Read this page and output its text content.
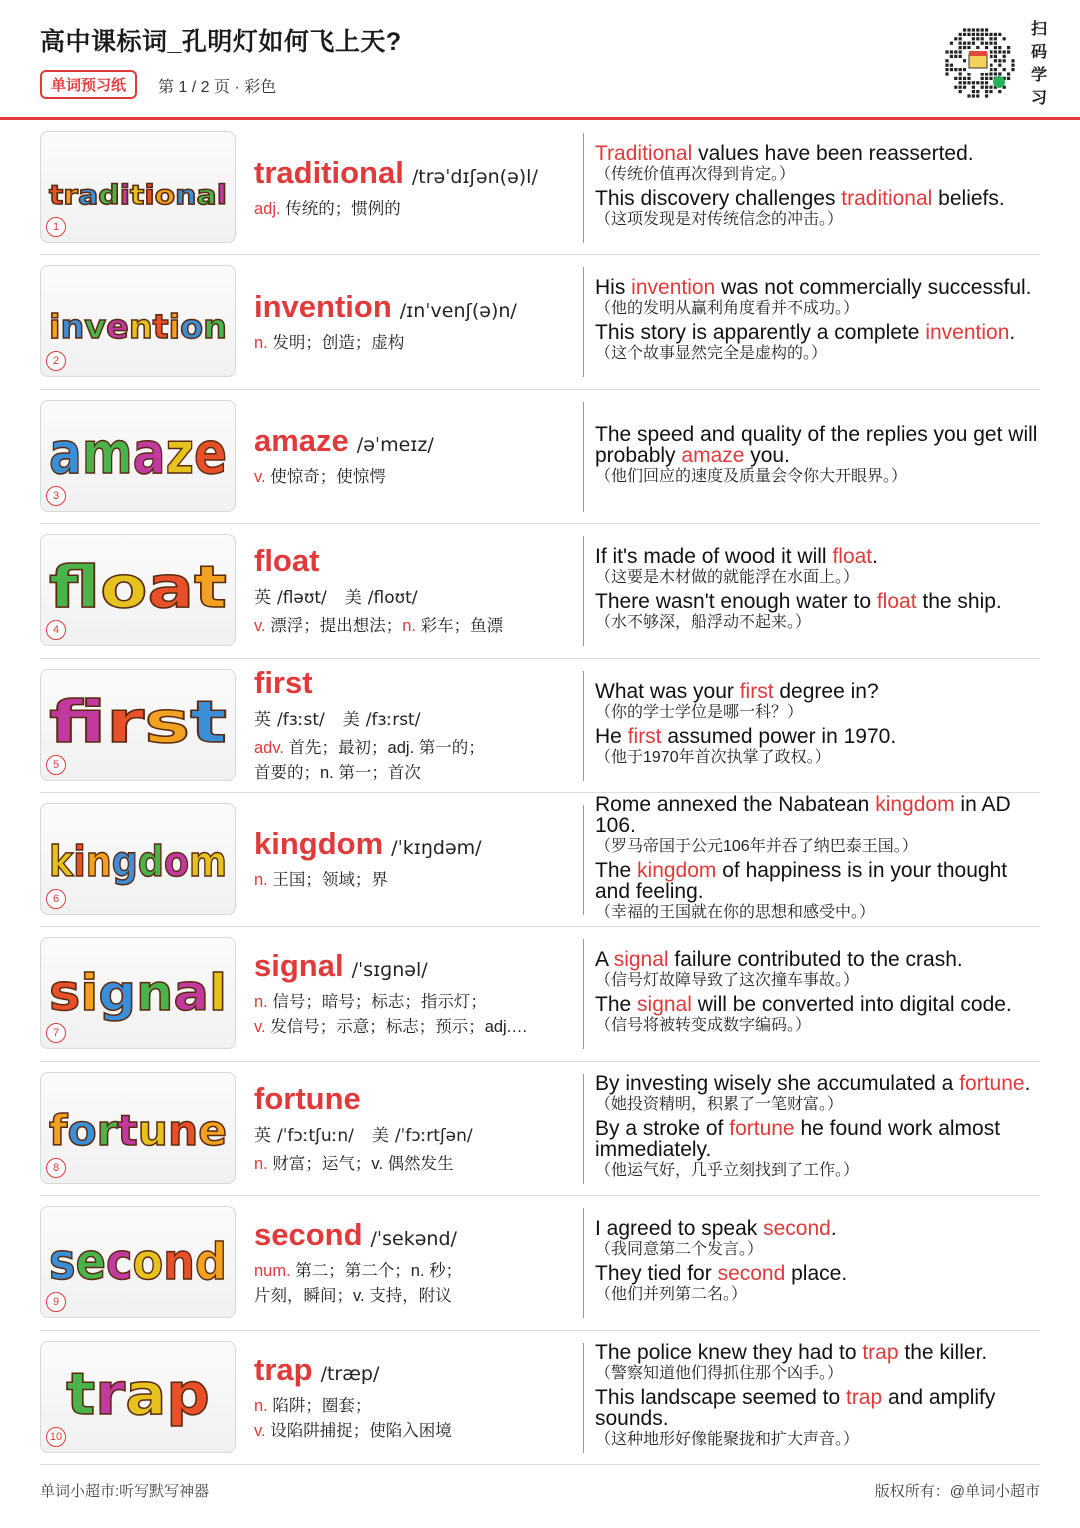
高中课标词_孔明灯如何飞上天?
单词预习纸	第 1 / 2 页 · 彩色
扫
码
学
习
traditional
1
traditional /trəˈdɪʃən(ə)l/
adj. 传统的；惯例的
Traditional values have been reasserted.
（传统价值再次得到肯定。）
This discovery challenges traditional beliefs.
（这项发现是对传统信念的冲击。）
invention
2
invention /ɪnˈvenʃ(ə)n/
n. 发明；创造；虚构
His invention was not commercially successful.
（他的发明从赢利角度看并不成功。）
This story is apparently a complete invention.
（这个故事显然完全是虚构的。）
amaze
3
amaze /əˈmeɪz/
v. 使惊奇；使惊愕
The speed and quality of the replies you get will probably amaze you.
（他们回应的速度及质量会令你大开眼界。）
f o a t
4
float
英 /fləʊt/ 美 /floʊt/
v. 漂浮；提出想法；n. 彩车；鱼漂
If it's made of wood it will float.
（这要是木材做的就能浮在水面上。）
There wasn't enough water to float the ship.
（水不够深，船浮动不起来。）
f r s t
5
first
英 /fɜːst/ 美 /fɜːrst/
adv. 首先；最初；adj. 第一的；
首要的；n. 第一；首次
What was your first degree in?
（你的学士学位是哪一科？）
He first assumed power in 1970.
（他于1970年首次执掌了政权。）
kingdom
6
kingdom /ˈkɪŋdəm/
n. 王国；领域；界
Rome annexed the Nabatean kingdom in AD 106.
（罗马帝国于公元106年并吞了纳巴泰王国。）
The kingdom of happiness is in your thought and feeling.
（幸福的王国就在你的思想和感受中。）
signal
7
signal /ˈsɪɡnəl/
n. 信号；暗号；标志；指示灯；
v. 发信号；示意；标志；预示；adj.…
A signal failure contributed to the crash.
（信号灯故障导致了这次撞车事故。）
The signal will be converted into digital code.
（信号将被转变成数字编码。）
fortune
8
fortune
英 /ˈfɔːtʃuːn/ 美 /ˈfɔːrtʃən/
n. 财富；运气；v. 偶然发生
By investing wisely she accumulated a fortune.
（她投资精明，积累了一笔财富。）
By a stroke of fortune he found work almost immediately.
（他运气好，几乎立刻找到了工作。）
second
9
second /ˈsekənd/
num. 第二；第二个；n. 秒；
片刻，瞬间；v. 支持，附议
I agreed to speak second.
（我同意第二个发言。）
They tied for second place.
（他们并列第二名。）
trap
10
trap /træp/
n. 陷阱；圈套；
v. 设陷阱捕捉；使陷入困境
The police knew they had to trap the killer.
（警察知道他们得抓住那个凶手。）
This landscape seemed to trap and amplify sounds.
（这种地形好像能聚拢和扩大声音。）
单词小超市:听写默写神器	版权所有：@单词小超市
